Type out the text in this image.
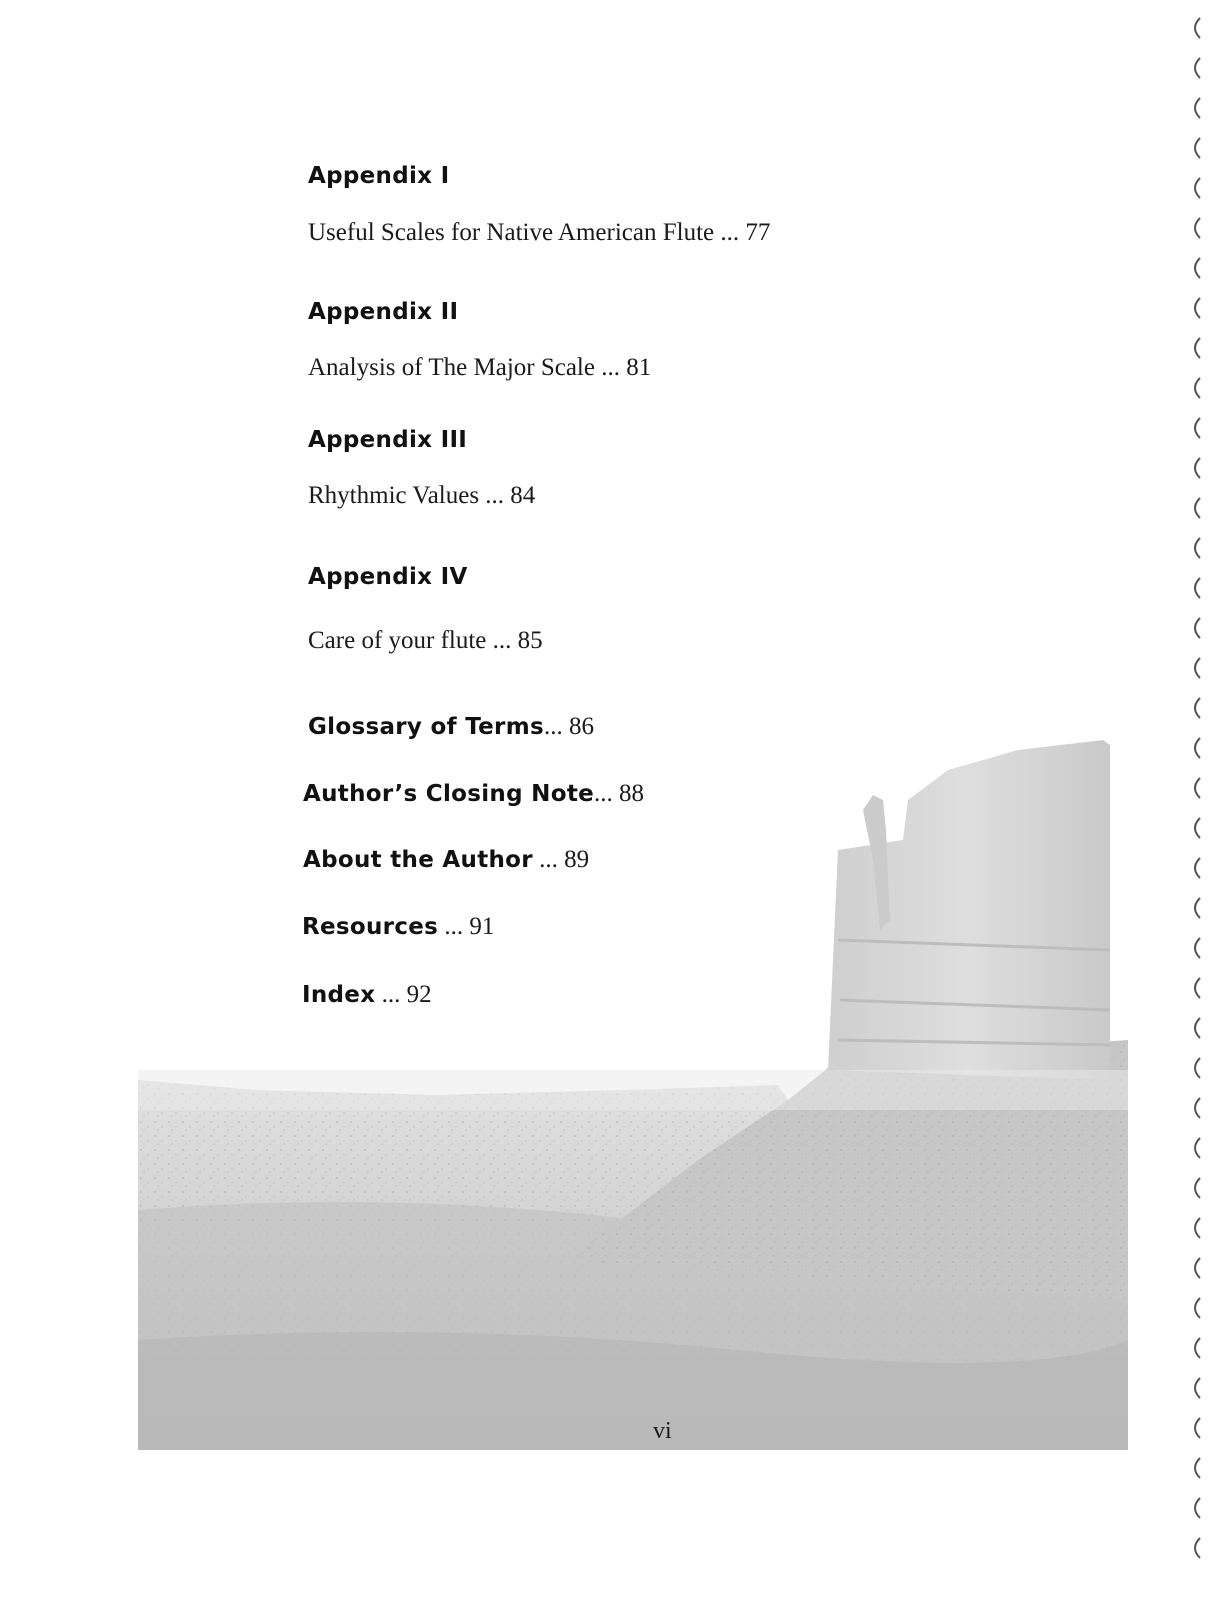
Appendix I
Useful Scales for Native American Flute ... 77
Appendix II
Analysis of The Major Scale ... 81
Appendix III
Rhythmic Values ... 84
Appendix IV
Care of your flute ... 85
Glossary of Terms... 86
Author’s Closing Note... 88
About the Author ... 89
Resources ... 91
Index ... 92
vi
